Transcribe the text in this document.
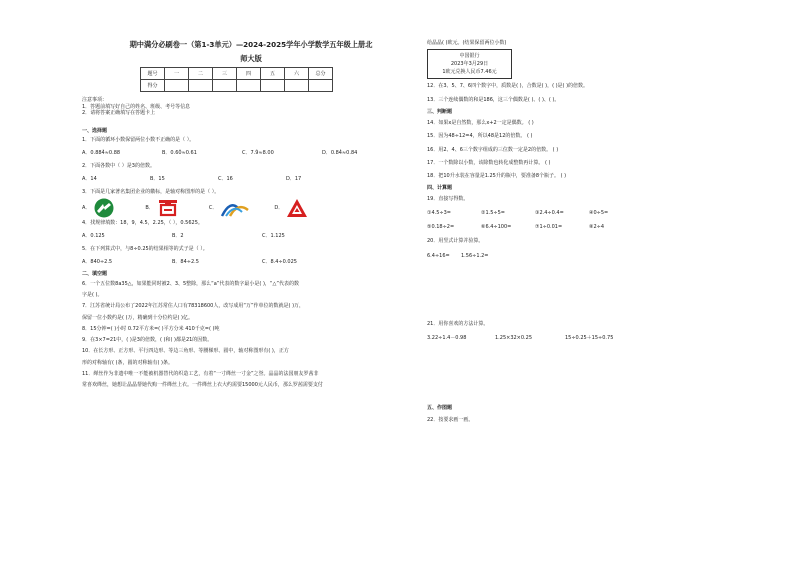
期中满分必刷卷一（第1-3单元）—2024-2025学年小学数学五年级上册北
师大版
题号	一	二	三	四	五	六	总分
得分							
注意事项：
1．答题前填写好自己的姓名、班级、考号等信息
2．请将答案正确填写在答题卡上
一、选择题
1．下面的循环小数保留两位小数不正确的是（ ）。
A．0.884̇≈0.88	B．0.60̇≈0.61	C．7.9̇≈8.00	D．0.84̇≈0.84
2．下面各数中（ ）是3的倍数。
A．14	B．15	C．16	D．17
3．下面是几家著名集团企业的徽标，是轴对称图形的是（ ）。
A．	B．	C．	D．
4．找规律填数：18，9，4.5，2.25，（ ），0.5625。
A．0.125	B．2	C．1.125
5．在下列算式中，与8÷0.25的结果相等的式子是（ ）。
A．840÷2.5	B．84÷2.5	C．8.4÷0.025
二、填空题
6．一个五位数8a35△，如果能同时被2、3、5整除，那么“a”代表的数字最小是( )，“△”代表的数
字是( )。
7．江苏省统计局公布了2022年江苏常住人口有78318600人，改写成用“万”作单位的数就是( )万，
保留一位小数约是( )万，精确到十分位约是( )亿。
8．15分钟=( )小时 0.72平方米=( )平方分米 410千克=( )吨
9．在3×7=21中，( )是3的倍数，( )和( )都是21的因数。
10．在长方形、正方形、平行四边形、等边三角形、等腰梯形、圆中，轴对称图形有( )，正方
形的对称轴有( )条，圆的对称轴有( )条。
11．缂丝作为非遗中唯一不能被机器替代的织造工艺，有着“一寸缂丝一寸金”之誉。晶晶的法国朋友罗茜非
常喜欢缂丝，她想让晶晶帮她代购一件缂丝上衣。一件缂丝上衣大约需要15000元人民币，那么罗茜需要支付
给晶晶( )欧元。(结果保留两位小数)
中国银行
2023年3月29日
1欧元兑换人民币7.46元
12．在3、5、7、6四个数字中，质数是( )，合数是( )，( )是( )的倍数。
13．三个连续偶数的和是186，这三个偶数是( )、( )、( )。
三、判断题
14．如果x是自然数，那么x+2一定是偶数。 ( )
15．因为48÷12=4，所以48是12的倍数。 ( )
16．用2、4、6三个数字组成的三位数一定是2的倍数。 ( )
17．一个数除以小数，该除数也转化成整数再计算。 ( )
18．把10升水装在容量是1.25升的瓶中，要准备8个瓶子。 ( )
四、计算题
19．直接写得数。
①4.5÷3=	②1.5÷5=	③2.4÷0.4=	④0÷5=
⑤0.18÷2=	⑥6.4÷100=	⑦1÷0.01=	⑧2÷4
20．用竖式计算并验算。
6.4÷16=	1.56÷1.2=
21．用你喜欢的方法计算。
3.22÷1.4－0.98	1.25×32×0.25	15÷0.25＋15÷0.75
五、作图题
22．按要求画一画。
